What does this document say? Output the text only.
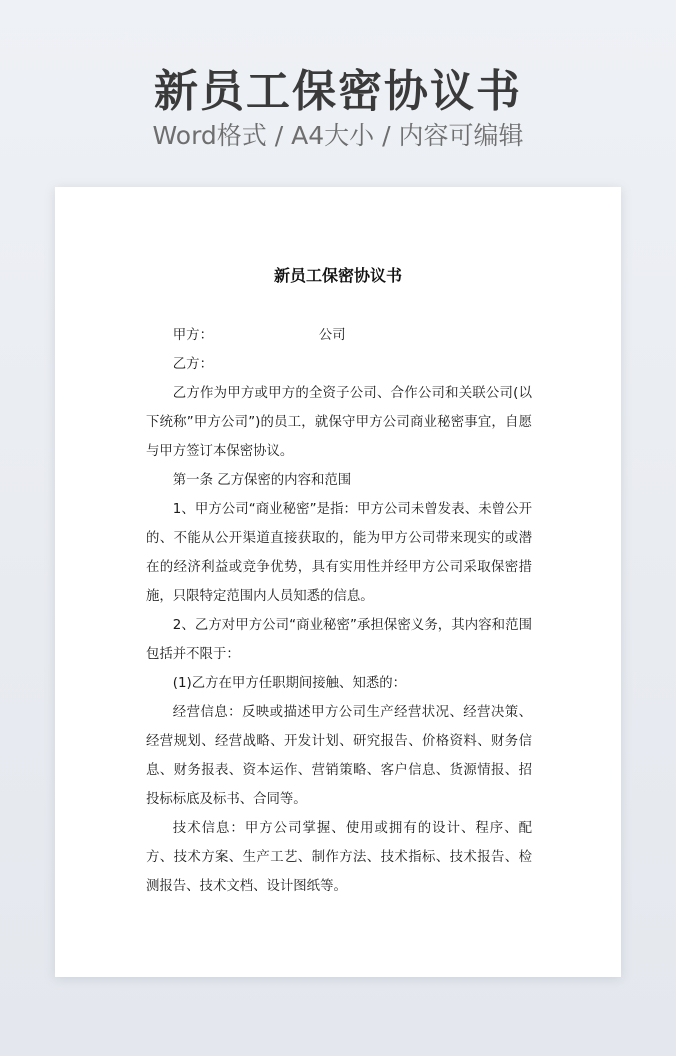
新员工保密协议书
Word格式 / A4大小 / 内容可编辑
新员工保密协议书

甲方：	公司

乙方：

乙方作为甲方或甲方的全资子公司、合作公司和关联公司(以下统称”甲方公司”)的员工，就保守甲方公司商业秘密事宜，自愿与甲方签订本保密协议。

第一条 乙方保密的内容和范围

1、甲方公司“商业秘密”是指：甲方公司未曾发表、未曾公开的、不能从公开渠道直接获取的，能为甲方公司带来现实的或潜在的经济利益或竞争优势，具有实用性并经甲方公司采取保密措施，只限特定范围内人员知悉的信息。

2、乙方对甲方公司“商业秘密”承担保密义务，其内容和范围包括并不限于：

(1)乙方在甲方任职期间接触、知悉的：

经营信息：反映或描述甲方公司生产经营状况、经营决策、经营规划、经营战略、开发计划、研究报告、价格资料、财务信息、财务报表、资本运作、营销策略、客户信息、货源情报、招投标标底及标书、合同等。

技术信息：甲方公司掌握、使用或拥有的设计、程序、配方、技术方案、生产工艺、制作方法、技术指标、技术报告、检测报告、技术文档、设计图纸等。
